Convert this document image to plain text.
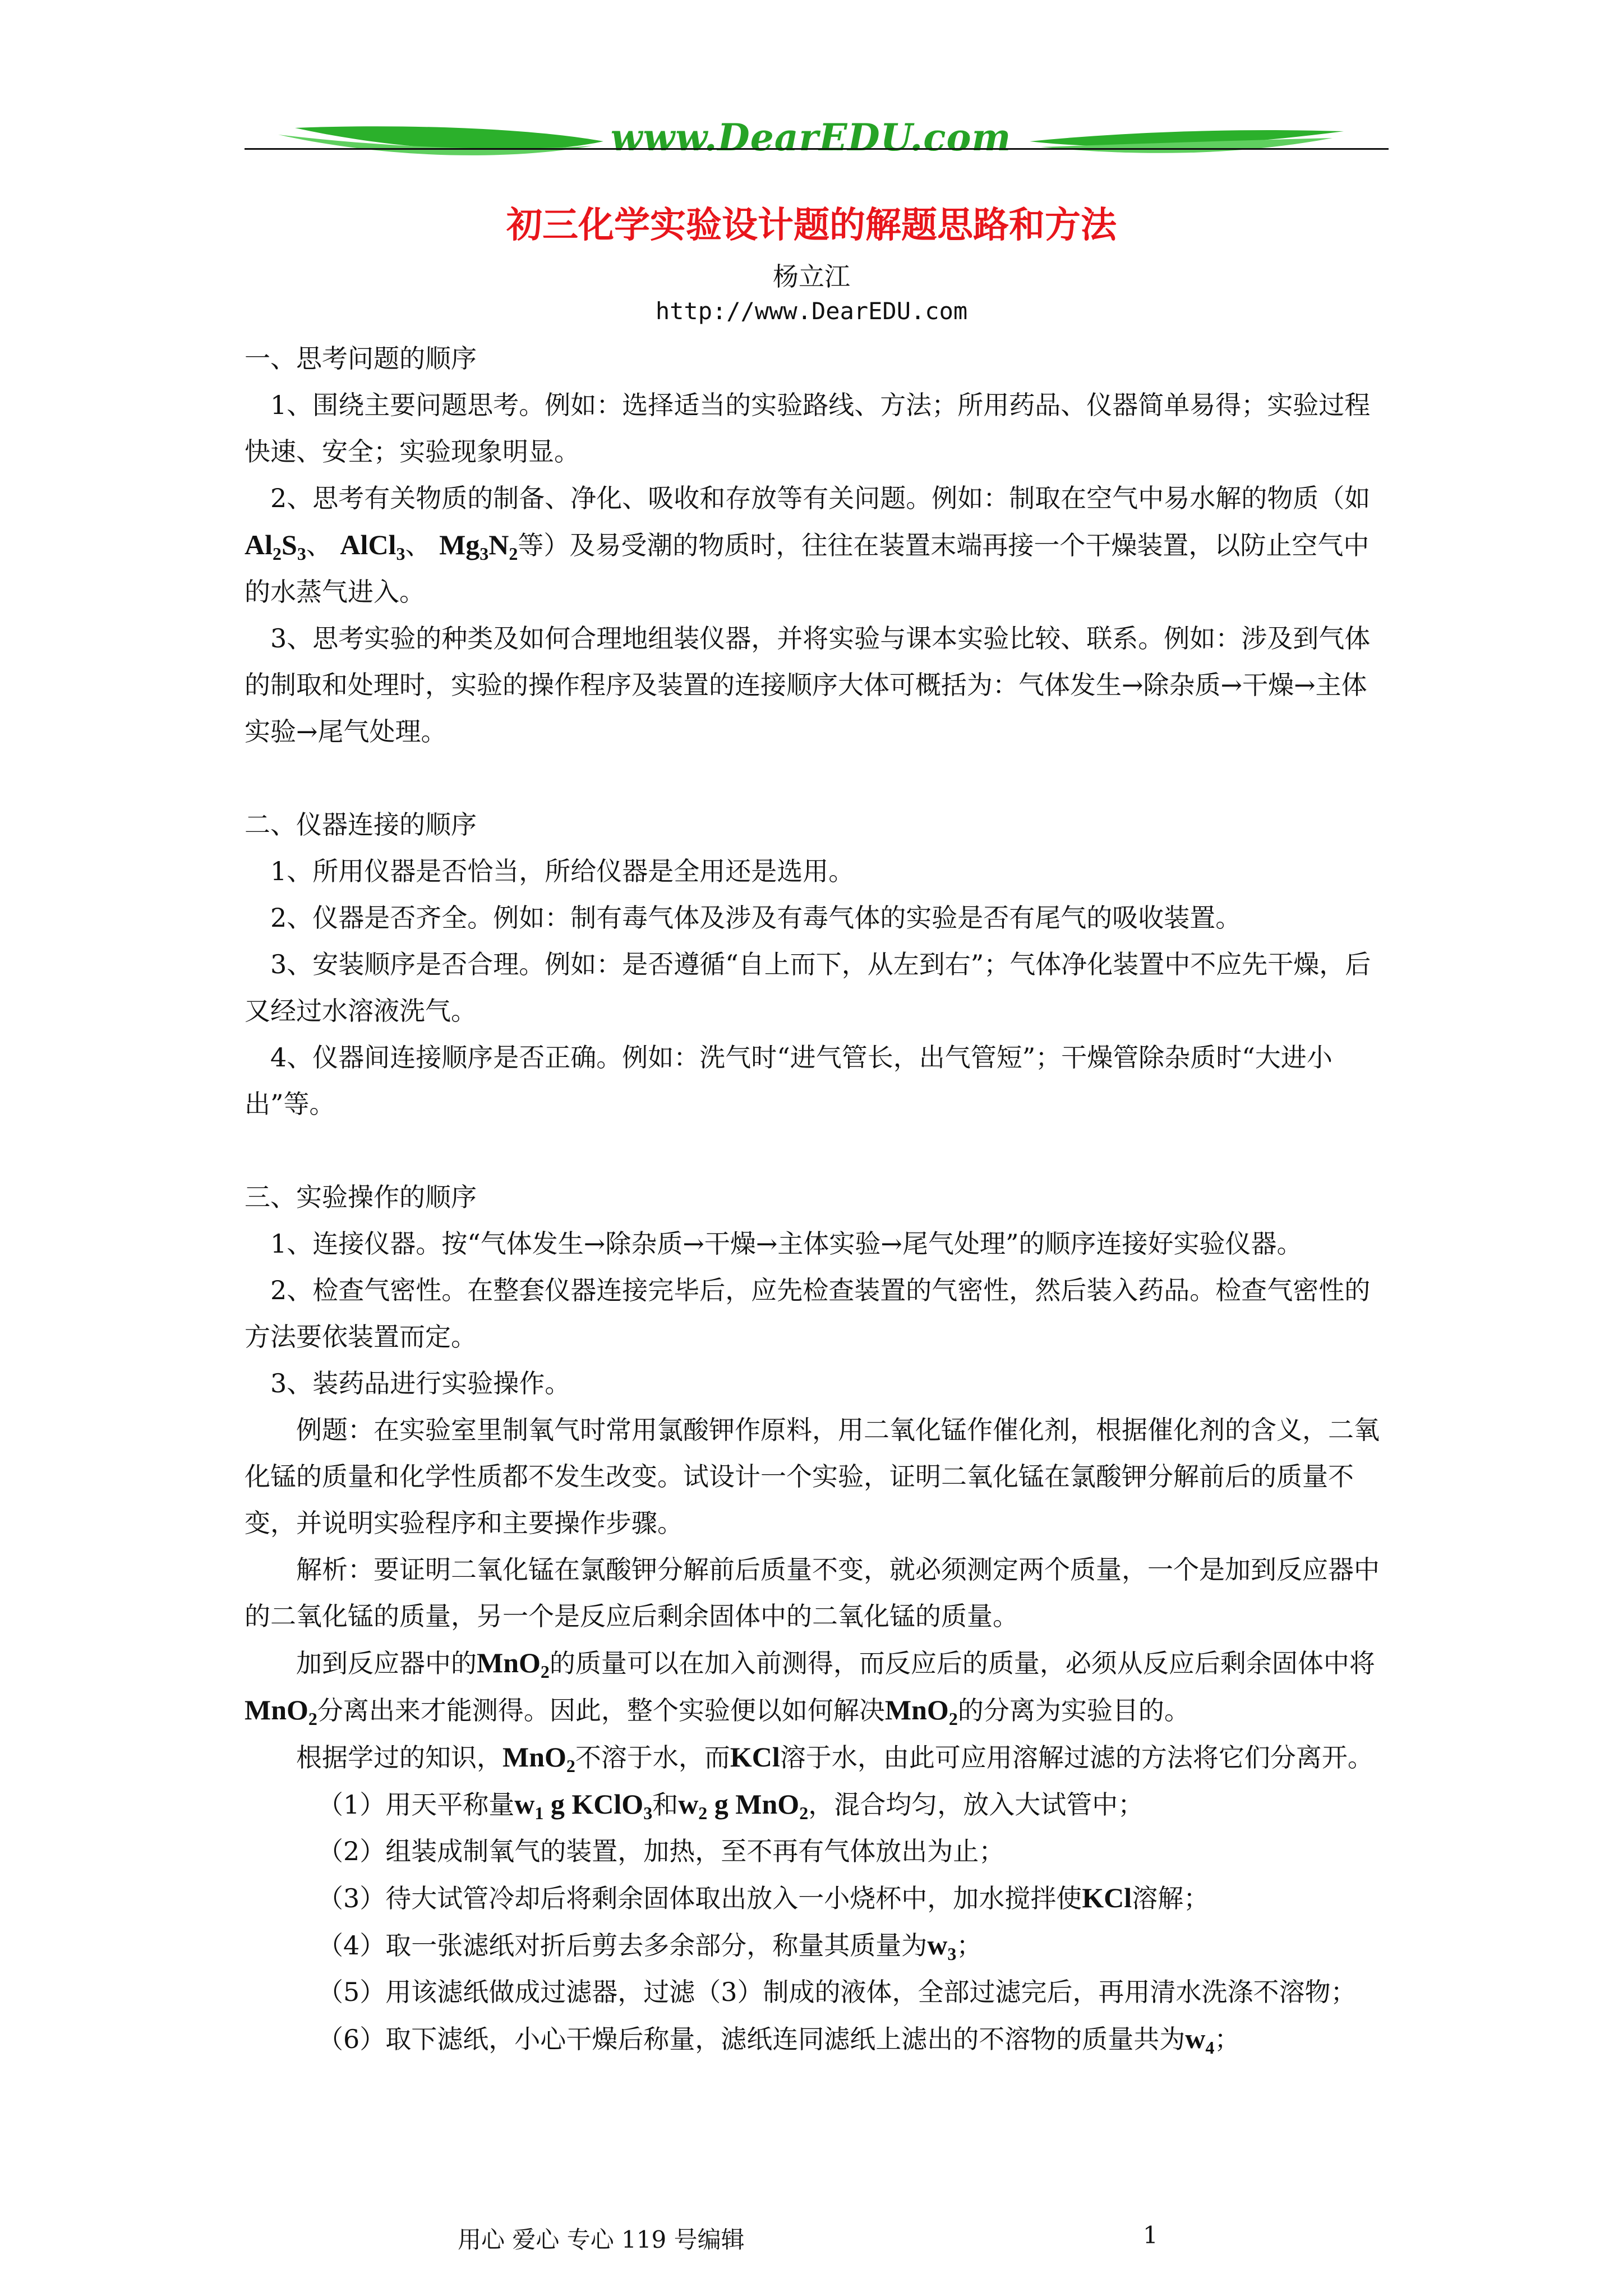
www.DearEDU.com
初三化学实验设计题的解题思路和方法
杨立江
http://www.DearEDU.com

一、思考问题的顺序

1、围绕主要问题思考。例如：选择适当的实验路线、方法；所用药品、仪器简单易得；实验过程快速、安全；实验现象明显。

2、思考有关物质的制备、净化、吸收和存放等有关问题。例如：制取在空气中易水解的物质（如$Al_2S_3$、 AlCl$_3$、 $Mg_3N_2$等）及易受潮的物质时，往往在装置末端再接一个干燥装置，以防止空气中的水蒸气进入。

3、思考实验的种类及如何合理地组装仪器，并将实验与课本实验比较、联系。例如：涉及到气体的制取和处理时，实验的操作程序及装置的连接顺序大体可概括为：气体发生→除杂质→干燥→主体实验→尾气处理。

二、仪器连接的顺序

1、所用仪器是否恰当，所给仪器是全用还是选用。

2、仪器是否齐全。例如：制有毒气体及涉及有毒气体的实验是否有尾气的吸收装置。

3、安装顺序是否合理。例如：是否遵循“自上而下，从左到右”；气体净化装置中不应先干燥，后又经过水溶液洗气。

4、仪器间连接顺序是否正确。例如：洗气时“进气管长，出气管短”；干燥管除杂质时“大进小出”等。

三、实验操作的顺序

1、连接仪器。按“气体发生→除杂质→干燥→主体实验→尾气处理”的顺序连接好实验仪器。

2、检查气密性。在整套仪器连接完毕后，应先检查装置的气密性，然后装入药品。检查气密性的方法要依装置而定。

3、装药品进行实验操作。

例题：在实验室里制氧气时常用氯酸钾作原料，用二氧化锰作催化剂，根据催化剂的含义，二氧化锰的质量和化学性质都不发生改变。试设计一个实验，证明二氧化锰在氯酸钾分解前后的质量不变，并说明实验程序和主要操作步骤。

解析：要证明二氧化锰在氯酸钾分解前后质量不变，就必须测定两个质量，一个是加到反应器中的二氧化锰的质量，另一个是反应后剩余固体中的二氧化锰的质量。

加到反应器中的MnO$_2$的质量可以在加入前测得，而反应后的质量，必须从反应后剩余固体中将MnO$_2$分离出来才能测得。因此，整个实验便以如何解决MnO$_2$的分离为实验目的。

根据学过的知识，MnO$_2$不溶于水，而KCl溶于水，由此可应用溶解过滤的方法将它们分离开。

（1）用天平称量$w_1$ g KClO$_3$和$w_2$ g MnO$_2$，混合均匀，放入大试管中；

（2）组装成制氧气的装置，加热，至不再有气体放出为止；

（3）待大试管冷却后将剩余固体取出放入一小烧杯中，加水搅拌使KCl溶解；

（4）取一张滤纸对折后剪去多余部分，称量其质量为$w_3$；

（5）用该滤纸做成过滤器，过滤（3）制成的液体，全部过滤完后，再用清水洗涤不溶物；

（6）取下滤纸，小心干燥后称量，滤纸连同滤纸上滤出的不溶物的质量共为$w_4$；

用心 爱心 专心 119 号编辑	1
